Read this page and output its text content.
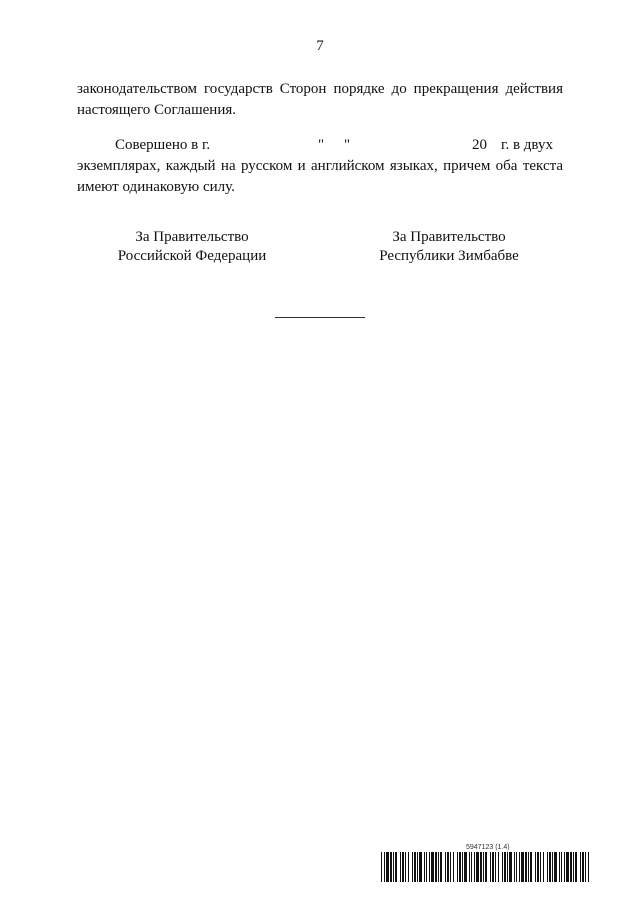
7
законодательством государств Сторон порядке до прекращения действия
настоящего Соглашения.
Совершено в г.	" "	20 г. в двух
экземплярах, каждый на русском и английском языках, причем оба текста
имеют одинаковую силу.
За Правительство
Российской Федерации
За Правительство
Республики Зимбабве
5947123 (1.4)
